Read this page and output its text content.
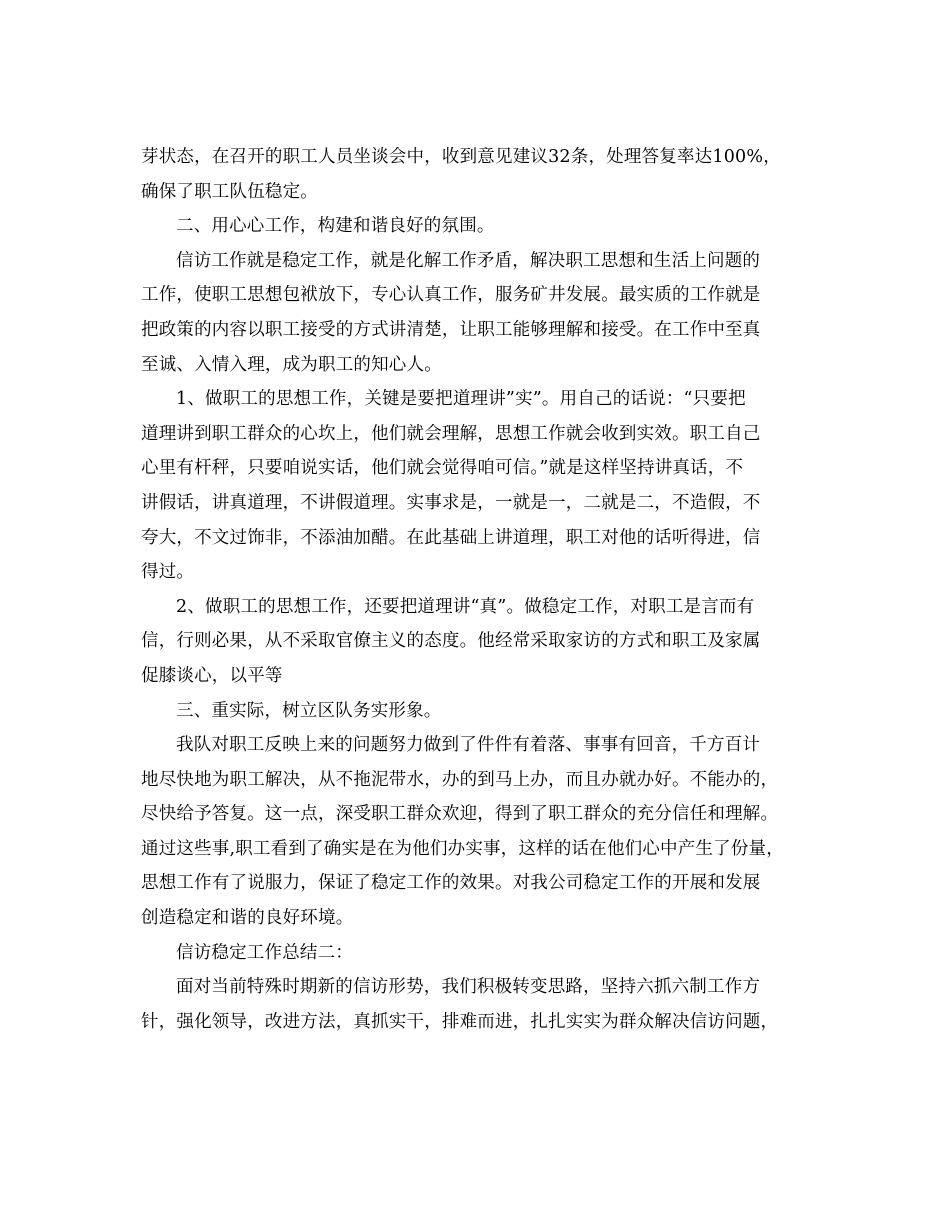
芽状态，在召开的职工人员坐谈会中，收到意见建议32条，处理答复率达100%，
确保了职工队伍稳定。
二、用心心工作，构建和谐良好的氛围。
信访工作就是稳定工作，就是化解工作矛盾，解决职工思想和生活上问题的
工作，使职工思想包袱放下，专心认真工作，服务矿井发展。最实质的工作就是
把政策的内容以职工接受的方式讲清楚，让职工能够理解和接受。在工作中至真
至诚、入情入理，成为职工的知心人。
1、做职工的思想工作，关键是要把道理讲”实”。用自己的话说：“只要把
道理讲到职工群众的心坎上，他们就会理解，思想工作就会收到实效。职工自己
心里有杆秤，只要咱说实话，他们就会觉得咱可信。”就是这样坚持讲真话，不
讲假话，讲真道理，不讲假道理。实事求是，一就是一，二就是二，不造假，不
夸大，不文过饰非，不添油加醋。在此基础上讲道理，职工对他的话听得进，信
得过。
2、做职工的思想工作，还要把道理讲“真”。做稳定工作，对职工是言而有
信，行则必果，从不采取官僚主义的态度。他经常采取家访的方式和职工及家属
促膝谈心，以平等
三、重实际，树立区队务实形象。
我队对职工反映上来的问题努力做到了件件有着落、事事有回音，千方百计
地尽快地为职工解决，从不拖泥带水，办的到马上办，而且办就办好。不能办的，
尽快给予答复。这一点，深受职工群众欢迎，得到了职工群众的充分信任和理解。
通过这些事,职工看到了确实是在为他们办实事，这样的话在他们心中产生了份量，
思想工作有了说服力，保证了稳定工作的效果。对我公司稳定工作的开展和发展
创造稳定和谐的良好环境。
信访稳定工作总结二：
面对当前特殊时期新的信访形势，我们积极转变思路，坚持六抓六制工作方
针，强化领导，改进方法，真抓实干，排难而进，扎扎实实为群众解决信访问题，
